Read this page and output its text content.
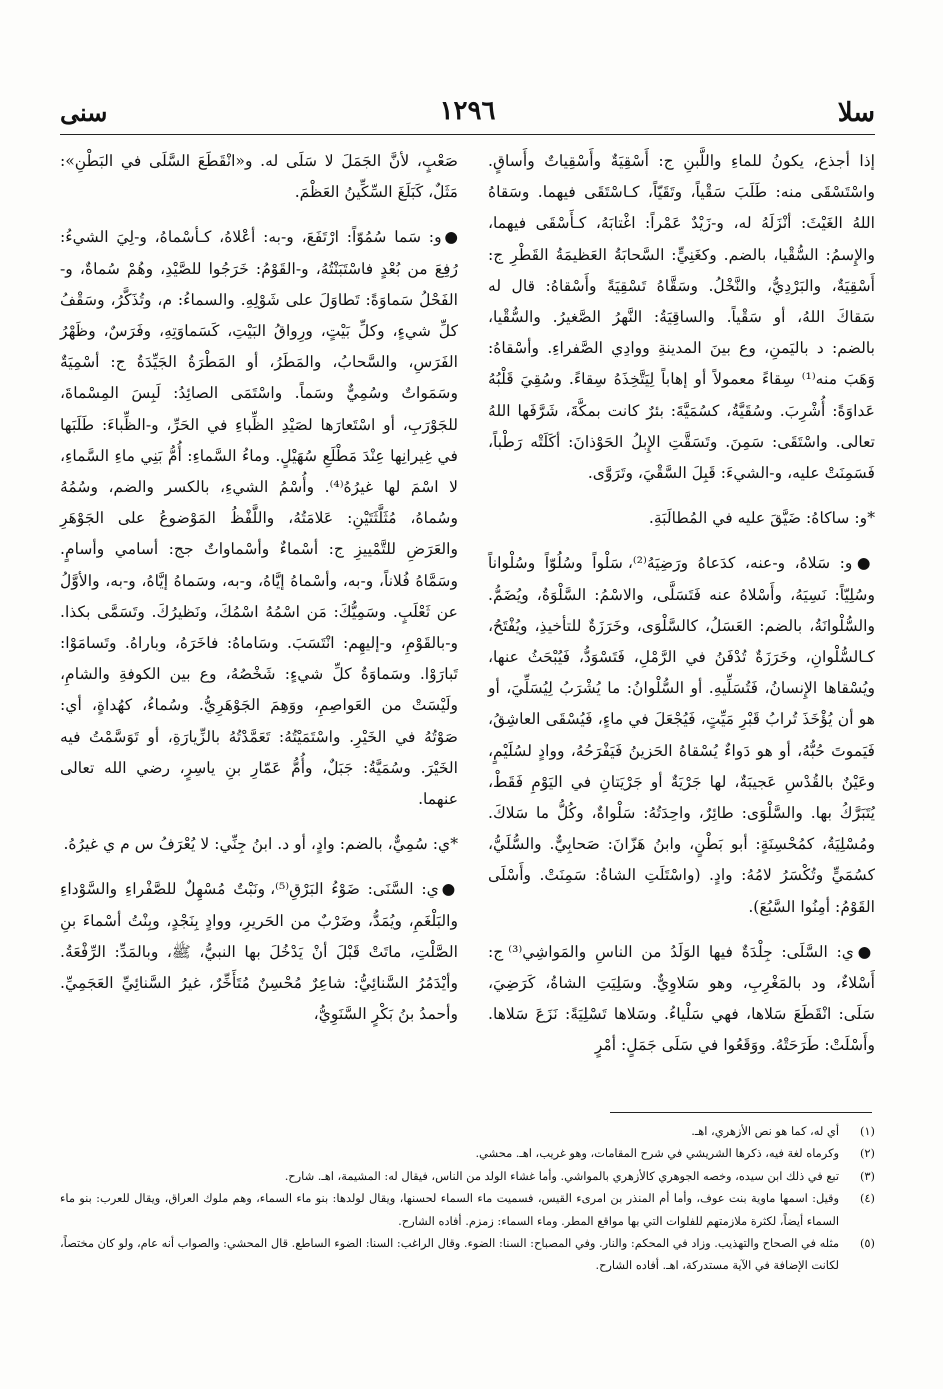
سلا
١٢٩٦
سنى

إذا أجذع، يكونُ للماءِ واللَّبنِ ج: أَسْقِيَةٌ وأَسْقِياتٌ وأَساقٍ. واسْتَسْقَى منه: طَلَبَ سَقْياً، وتَقَيّاً، كـاسْتَقَى فيهما. وسَقاهُ اللهُ الغَيْثَ: أنْزَلَهُ له، و-زَيْدٌ عَمْراً: اغْتابَهُ، كـأَسْقَى فيهما، والإِسمُ: السُّقْيا، بالضم. وكغَنِيٍّ: السَّحابَةُ العَظيمَةُ القَطْرِ ج: أَسْقِيَةٌ، والبَرْدِيُّ، والنَّخْلُ. وسَقَّاهُ تَسْقِيَةً وأَسْقاهُ: قال له سَقاكَ اللهُ، أو سَقْياً. والساقِيَةُ: النَّهرُ الصَّغيرُ. والسُّقْيا، بالضم: د باليَمنِ، وع بينَ المدينةِ ووادِي الصَّفراءِ. وأسْقاهُ: وَهَبَ منه⁽¹⁾ سِقاءً معمولاً أو إهاباً لِيَتَّخِذَهُ سِقاءً. وسُقِيَ قَلْبُهُ عَداوَةً: أُشْرِبَ. وسُقَيَّةُ، كسُمَيَّةَ: بئرٌ كانت بمكَّةَ، شَرَّفَها اللهُ تعالى. واسْتَقَى: سَمِنَ. وتَسَقَّتِ الإِبلُ الحَوْذانَ: أكَلَتْه رَطْباً، فَسَمِنَتْ عليه، و-الشيءَ: قَبِلَ السَّقْيَ، وتَرَوَّى.

*و: ساكاهُ: ضَيَّقَ عليه في المُطالَبَةِ.

●و: سَلاهُ، و-عنه، كدَعاهُ ورَضِيَهُ⁽²⁾، سَلْواً وسُلُوّاً وسُلْواناً وسُلِيّاً: نَسِيَهُ، وأَسْلاهُ عنه فَتَسَلَّى، والاسْمُ: السَّلْوَةُ، ويُضَمُّ. والسُّلْوانَةُ، بالضم: العَسَلُ، كالسَّلْوَى، وخَرَزَةٌ للتأخيذِ، ويُفْتَحُ، كـالسُّلْوانِ، وخَرَزَةٌ تُدْفَنُ في الرَّمْلِ، فَتَسْوَدُّ، فَيُبْحَثُ عنها، ويُسْقاها الإِنسانُ، فَتُسَلِّيهِ. أو السُّلْوانُ: ما يُشْرَبُ لِيُسَلِّيَ، أو هو أن يُؤْخَذَ تُرابُ قَبْرِ مَيِّتٍ، فَيُجْعَلَ في ماءٍ، فَيُسْقَى العاشِقُ، فَيَموتَ حُبُّهُ، أو هو دَواءٌ يُسْقاهُ الحَزينُ فَيَفْرَحُهُ، ووادٍ لسُلَيْمٍ، وعَيْنٌ بالقُدْسِ عَجيبَةٌ، لها جَرْيَةٌ أو جَرْيَتانِ في اليَوْمِ فَقَطْ، يُتَبَرَّكُ بها. والسَّلْوَى: طائِرٌ، واحِدَتُهُ: سَلْواةٌ، وكُلُّ ما سَلاكَ. ومُسْلِيَةُ، كمُحْسِنَةٍ: أبو بَطْنٍ، وابنُ هَزّانَ: صَحابِيٌّ. والسُّلَيُّ، كسُمَيٍّ وتُكْسَرُ لامُهُ: وادٍ. (واسْتَلَتِ الشاةُ: سَمِنَتْ. وأَسْلَى القَوْمُ: أمِنُوا السَّبُعَ).

●ي: السَّلَى: جِلْدَةٌ فيها الوَلَدُ من الناسِ والمَواشِي⁽³⁾ ج: أَسْلاءٌ، ود بالمَغْرِبِ، وهو سَلاوِيٌّ. وسَلِيَتِ الشاةُ، كَرَضِيَ، سَلَى: انْقَطَعَ سَلاها، فهي سَلْياءُ. وسَلاها تَسْلِيَةً: نَزَعَ سَلاها. وأَسْلَتْ: طَرَحَتْهُ. ووَقَعُوا في سَلَى جَمَلٍ: أمْرٍ

صَعْبٍ، لأنَّ الجَمَلَ لا سَلَى له. و«انْقَطَعَ السَّلَى في البَطْنِ»: مَثَلٌ، كَبَلَغَ السِّكِّينُ العَظْمَ.

●و: سَما سُمُوّاً: ارْتَفَعَ، و-به: أعْلاهُ، كـأسْماهُ، و-لِيَ الشيءُ: رُفِعَ من بُعْدٍ فاسْتَبَنْتُهُ، و-القَوْمُ: خَرَجُوا للصَّيْدِ، وهُمْ سُماةٌ، و-الفَحْلُ سَماوَةً: تَطاوَلَ على شَوْلِهِ. والسماءُ: م، وتُذَكَّرُ، وسَقْفُ كلِّ شيءٍ، وكلِّ بَيْتٍ، ورِواقُ البَيْتِ، كَسَماوَتِهِ، وفَرَسٌ، وظَهْرُ الفَرَسِ، والسَّحابُ، والمَطَرُ، أو المَطْرَةُ الجَيِّدَةُ ج: أسْمِيَةٌ وسَمَواتٌ وسُمِيٌّ وسَماً. واسْتَمَى الصائِدُ: لَبِسَ المِسْماةَ، للجَوْرَبِ، أو اسْتَعارَها لصَيْدِ الظِّباءِ في الحَرِّ، و-الظِّباءَ: طَلَبَها في غِيرانِها عِنْدَ مَطْلَعِ سُهَيْلٍ. وماءُ السَّماءِ: أُمُّ بَنِي ماءِ السَّماءِ، لا اسْمَ لها غيرُهُ⁽⁴⁾. وأُسْمُ الشيءِ، بالكسر والضم، وسُمُهُ وسُماهُ، مُثَلَّثَتَيْنِ: عَلامَتُهُ، واللَّفْظُ المَوْضوعُ على الجَوْهَرِ والعَرَضِ للتَّمْييزِ ج: أسْماءٌ وأسْماواتٌ جج: أسامي وأسامٍ. وسَمَّاهُ فُلاناً، و-به، وأسْماهُ إيَّاهُ، و-به، وسَماهُ إيَّاهُ، و-به، والأوَّلُ عن ثَعْلَبٍ. وسَمِيُّكَ: مَن اسْمُهُ اسْمُكَ، ونَظيرُكَ. وتَسَمَّى بكذا. و-بالقَوْمِ، و-إليهِم: انْتَسَبَ. وسَاماهُ: فاخَرَهُ، وباراهُ. وتَسامَوْا: تَبارَوْا. وسَماوَةُ كلِّ شيءٍ: شَخْصُهُ، وع بين الكوفةِ والشامِ، ولَيْسَتْ من العَواصِمِ، ووَهِمَ الجَوْهَرِيُّ. وسُماءُ، كهُداةٍ، أي: صَوْتُهُ في الخَيْرِ. واسْتَمَيْتُهُ: تَعَمَّدْتُهُ بالزِّيارَةِ، أو تَوَسَّمْتُ فيه الخَيْرَ. وسُمَيَّةُ: جَبَلٌ، وأُمُّ عَمّارِ بنِ ياسِرٍ، رضي الله تعالى عنهما.

*ي: سُمِيٌّ، بالضم: وادٍ، أو د. ابنُ جِنِّي: لا يُعْرَفُ س م ي غيرُهُ.

●ي: السَّنَى: ضَوْءُ البَرْقِ⁽⁵⁾، ونَبْتٌ مُسْهِلٌ للصَّفْراءِ والسَّوْداءِ والبَلْغَمِ، ويُمَدُّ، وضَرْبٌ من الحَريرِ، ووادٍ بِنَجْدٍ، وبِنْتُ أسْماءَ بنِ الصَّلْتِ، ماتَتْ قَبْلَ أنْ يَدْخُلَ بها النبيُّ، ﷺ، وبالمَدِّ: الرِّفْعَةُ. وأيْدَمُرُ السَّنائِيُّ: شاعِرٌ مُحْسِنٌ مُتَأَخِّرٌ، غيرُ السَّنائِيِّ العَجَمِيِّ. وأحمدُ بنُ بَكْرٍ السَّنَوِيُّ،

(١)
أي له، كما هو نص الأزهري، اهـ.
(٢)
وكرماه لغة فيه، ذكرها الشريشي في شرح المقامات، وهو غريب، اهـ. محشي.
(٣)
تبع في ذلك ابن سيده، وخصه الجوهري كالأزهري بالمواشي. وأما غشاء الولد من الناس، فيقال له: المشيمة، اهـ. شارح.
(٤)
وقيل: اسمها ماوية بنت عوف، وأما أم المنذر بن امرىء القيس، فسميت ماء السماء لحسنها، ويقال لولدها: بنو ماء السماء، وهم ملوك العراق، ويقال للعرب: بنو ماء السماء أيضاً، لكثرة ملازمتهم للفلوات التي بها مواقع المطر. وماء السماء: زمزم. أفاده الشارح.
(٥)
مثله في الصحاح والتهذيب. وزاد في المحكم: والنار. وفي المصباح: السنا: الضوء. وقال الراغب: السنا: الضوء الساطع. قال المحشي: والصواب أنه عام، ولو كان مختصاً، لكانت الإضافة في الآية مستدركة، اهـ. أفاده الشارح.
